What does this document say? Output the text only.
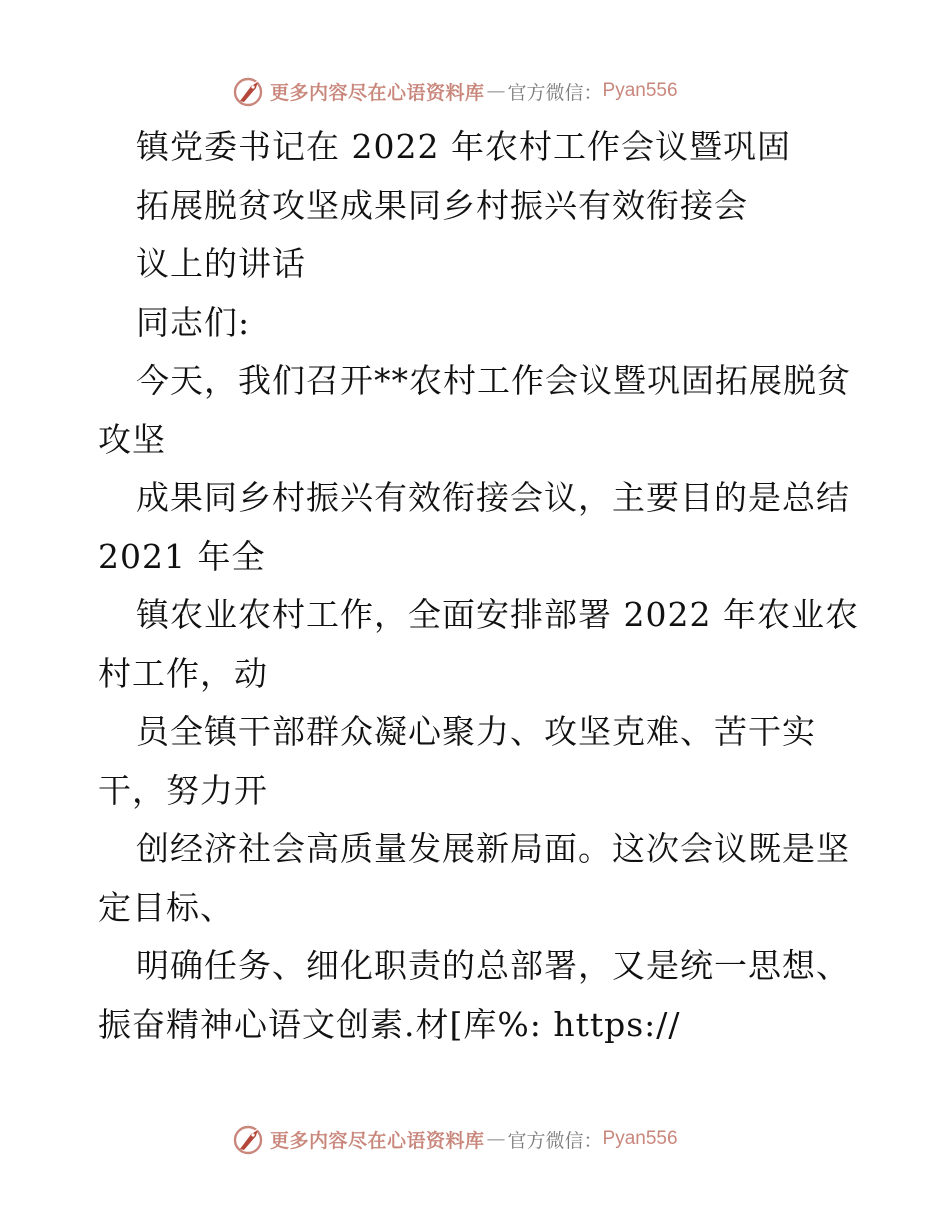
更多内容尽在心语资料库 — 官方微信： Pyan556
镇党委书记在 2022 年农村工作会议暨巩固
拓展脱贫攻坚成果同乡村振兴有效衔接会
议上的讲话
同志们:
今天，我们召开**农村工作会议暨巩固拓展脱贫
攻坚
成果同乡村振兴有效衔接会议，主要目的是总结
2021 年全
镇农业农村工作，全面安排部署 2022 年农业农
村工作，动
员全镇干部群众凝心聚力、攻坚克难、苦干实
干，努力开
创经济社会高质量发展新局面。这次会议既是坚
定目标、
明确任务、细化职责的总部署，又是统一思想、
振奋精神心语文创素.材[库%: https://
更多内容尽在心语资料库 — 官方微信： Pyan556
